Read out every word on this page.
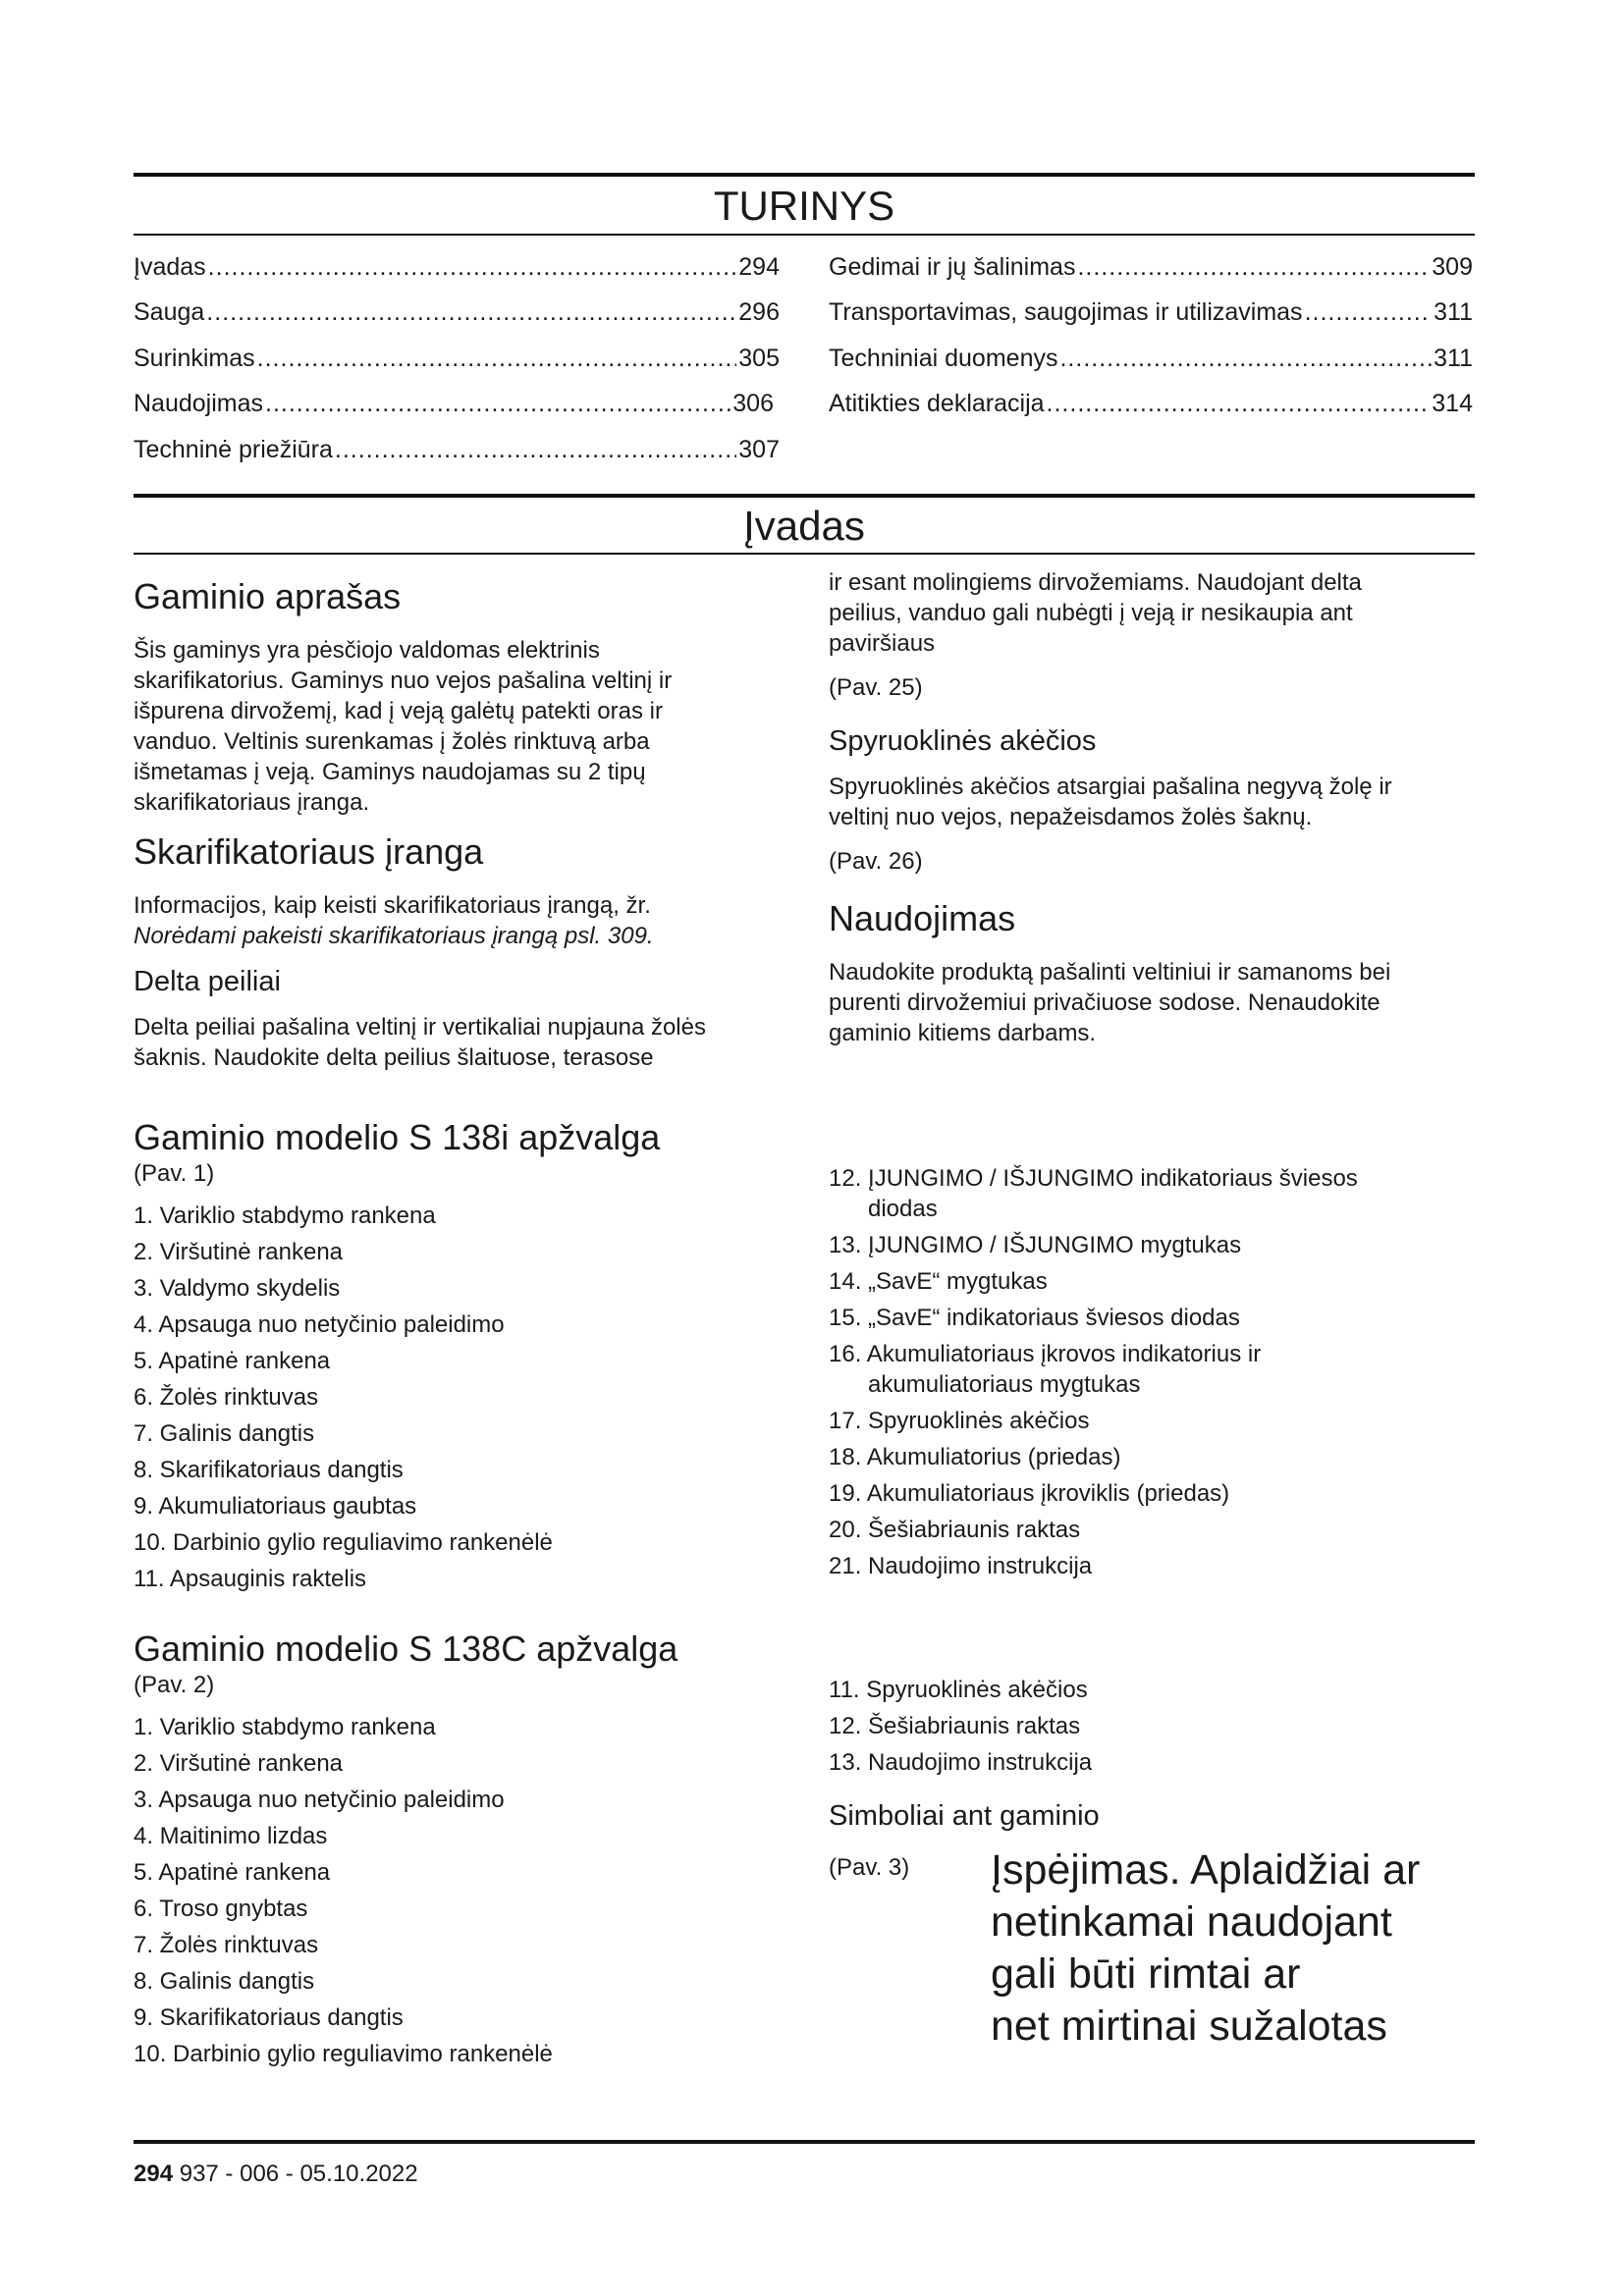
TURINYS
Įvadas .....	294
Sauga .....	296
Surinkimas .....	305
Naudojimas .....	306
Techninė priežiūra .....	307
Gedimai ir jų šalinimas .....	309
Transportavimas, saugojimas ir utilizavimas .....	311
Techniniai duomenys .....	311
Atitikties deklaracija .....	314
Įvadas
Gaminio aprašas
Šis gaminys yra pėsčiojo valdomas elektrinis skarifikatorius. Gaminys nuo vejos pašalina veltinį ir išpurena dirvožemį, kad į veją galėtų patekti oras ir vanduo. Veltinis surenkamas į žolės rinktuvą arba išmetamas į veją. Gaminys naudojamas su 2 tipų skarifikatoriaus įranga.
Skarifikatoriaus įranga
Informacijos, kaip keisti skarifikatoriaus įrangą, žr.
Norėdami pakeisti skarifikatoriaus įrangą psl. 309.
Delta peiliai
Delta peiliai pašalina veltinį ir vertikaliai nupjauna žolės šaknis. Naudokite delta peilius šlaituose, terasose
ir esant molingiems dirvožemiams. Naudojant delta peilius, vanduo gali nubėgti į veją ir nesikaupia ant paviršiaus
(Pav. 25)
Spyruoklinės akėčios
Spyruoklinės akėčios atsargiai pašalina negyvą žolę ir veltinį nuo vejos, nepažeisdamos žolės šaknų.
(Pav. 26)
Naudojimas
Naudokite produktą pašalinti veltiniui ir samanoms bei purenti dirvožemiui privačiuose sodose. Nenaudokite gaminio kitiems darbams.
Gaminio modelio S 138i apžvalga
(Pav. 1)
1. Variklio stabdymo rankena
2. Viršutinė rankena
3. Valdymo skydelis
4. Apsauga nuo netyčinio paleidimo
5. Apatinė rankena
6. Žolės rinktuvas
7. Galinis dangtis
8. Skarifikatoriaus dangtis
9. Akumuliatoriaus gaubtas
10. Darbinio gylio reguliavimo rankenėlė
11. Apsauginis raktelis
12. ĮJUNGIMO / IŠJUNGIMO indikatoriaus šviesos
diodas
13. ĮJUNGIMO / IŠJUNGIMO mygtukas
14. „SavE“ mygtukas
15. „SavE“ indikatoriaus šviesos diodas
16. Akumuliatoriaus įkrovos indikatorius ir
akumuliatoriaus mygtukas
17. Spyruoklinės akėčios
18. Akumuliatorius (priedas)
19. Akumuliatoriaus įkroviklis (priedas)
20. Šešiabriaunis raktas
21. Naudojimo instrukcija
Gaminio modelio S 138C apžvalga
(Pav. 2)
1. Variklio stabdymo rankena
2. Viršutinė rankena
3. Apsauga nuo netyčinio paleidimo
4. Maitinimo lizdas
5. Apatinė rankena
6. Troso gnybtas
7. Žolės rinktuvas
8. Galinis dangtis
9. Skarifikatoriaus dangtis
10. Darbinio gylio reguliavimo rankenėlė
11. Spyruoklinės akėčios
12. Šešiabriaunis raktas
13. Naudojimo instrukcija
Simboliai ant gaminio
(Pav. 3) Įspėjimas. Aplaidžiai ar
netinkamai naudojant
gali būti rimtai ar
net mirtinai sužalotas
294 937 - 006 - 05.10.2022
